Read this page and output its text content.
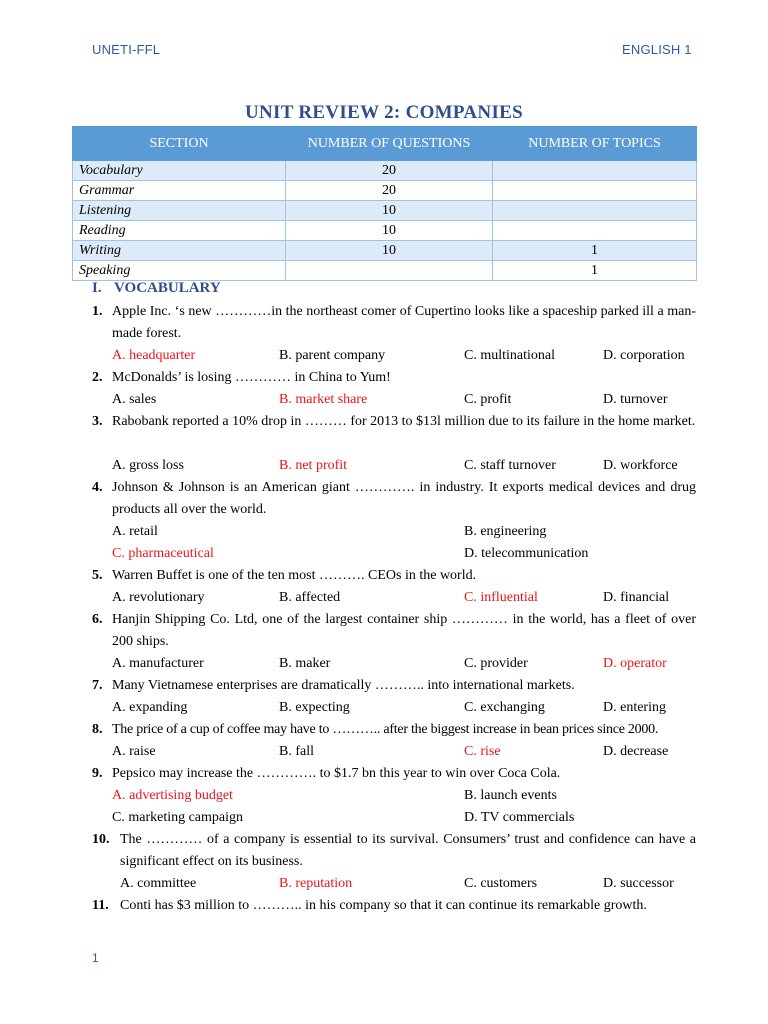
UNETI-FFL	ENGLISH 1
UNIT REVIEW 2: COMPANIES
SECTION	NUMBER OF QUESTIONS	NUMBER OF TOPICS
Vocabulary	20	
Grammar	20	
Listening	10	
Reading	10	
Writing	10	1
Speaking		1
I. VOCABULARY
1. Apple Inc. ‘s new …………in the northeast comer of Cupertino looks like a spaceship parked ill a man-made forest.
A. headquarter	B. parent company	C. multinational	D. corporation
2. McDonalds’ is losing ………… in China to Yum!
A. sales	B. market share	C. profit	D. turnover
3. Rabobank reported a 10% drop in ……… for 2013 to $13l million due to its failure in the home market.
A. gross loss	B. net profit	C. staff turnover	D. workforce
4. Johnson & Johnson is an American giant …………. in industry. It exports medical devices and drug products all over the world.
A. retail	B. engineering
C. pharmaceutical	D. telecommunication
5. Warren Buffet is one of the ten most ………. CEOs in the world.
A. revolutionary	B. affected	C. influential	D. financial
6. Hanjin Shipping Co. Ltd, one of the largest container ship ………… in the world, has a fleet of over 200 ships.
A. manufacturer	B. maker	C. provider	D. operator
7. Many Vietnamese enterprises are dramatically ……….. into international markets.
A. expanding	B. expecting	C. exchanging	D. entering
8. The price of a cup of coffee may have to ……….. after the biggest increase in bean prices since 2000.
A. raise	B. fall	C. rise	D. decrease
9. Pepsico may increase the …………. to $1.7 bn this year to win over Coca Cola.
A. advertising budget	B. launch events
C. marketing campaign	D. TV commercials
10. The ………… of a company is essential to its survival. Consumers’ trust and confidence can have a significant effect on its business.
A. committee	B. reputation	C. customers	D. successor
11. Conti has $3 million to ……….. in his company so that it can continue its remarkable growth.
1
